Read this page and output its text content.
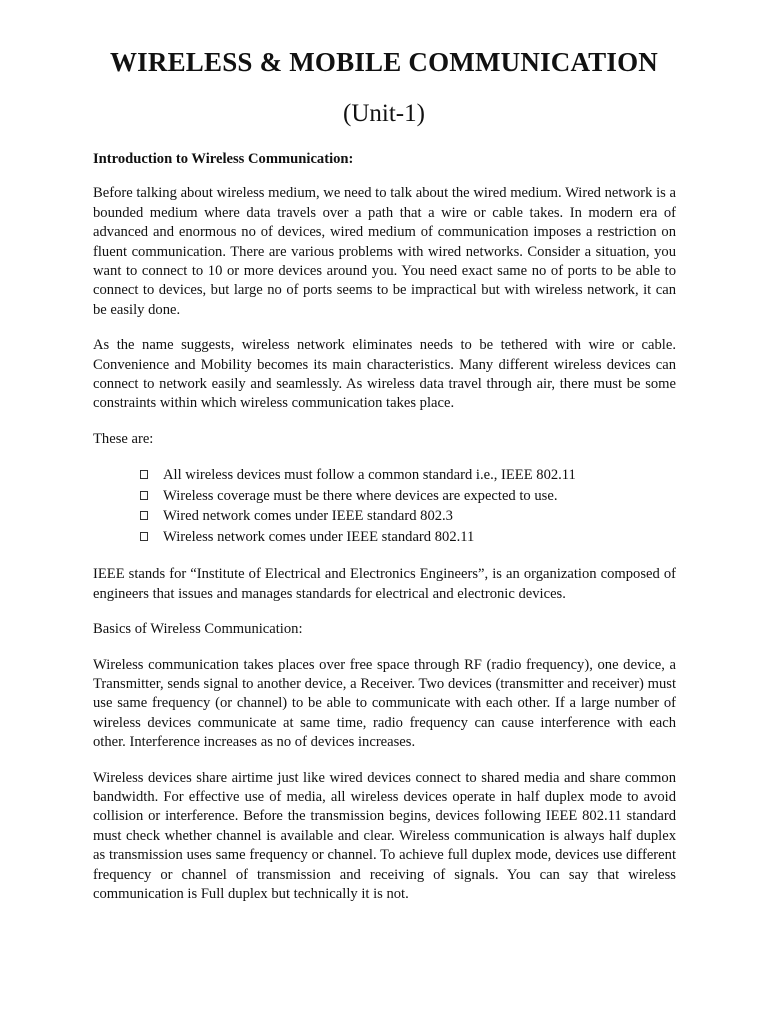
WIRELESS & MOBILE COMMUNICATION
(Unit-1)

Introduction to Wireless Communication:

Before talking about wireless medium, we need to talk about the wired medium. Wired network is a bounded medium where data travels over a path that a wire or cable takes. In modern era of advanced and enormous no of devices, wired medium of communication imposes a restriction on fluent communication. There are various problems with wired networks. Consider a situation, you want to connect to 10 or more devices around you. You need exact same no of ports to be able to connect to devices, but large no of ports seems to be impractical but with wireless network, it can be easily done.

As the name suggests, wireless network eliminates needs to be tethered with wire or cable. Convenience and Mobility becomes its main characteristics. Many different wireless devices can connect to network easily and seamlessly. As wireless data travel through air, there must be some constraints within which wireless communication takes place.

These are:

All wireless devices must follow a common standard i.e., IEEE 802.11
Wireless coverage must be there where devices are expected to use.
Wired network comes under IEEE standard 802.3
Wireless network comes under IEEE standard 802.11

IEEE stands for “Institute of Electrical and Electronics Engineers”, is an organization composed of engineers that issues and manages standards for electrical and electronic devices.

Basics of Wireless Communication:

Wireless communication takes places over free space through RF (radio frequency), one device, a Transmitter, sends signal to another device, a Receiver. Two devices (transmitter and receiver) must use same frequency (or channel) to be able to communicate with each other. If a large number of wireless devices communicate at same time, radio frequency can cause interference with each other. Interference increases as no of devices increases.

Wireless devices share airtime just like wired devices connect to shared media and share common bandwidth. For effective use of media, all wireless devices operate in half duplex mode to avoid collision or interference. Before the transmission begins, devices following IEEE 802.11 standard must check whether channel is available and clear. Wireless communication is always half duplex as transmission uses same frequency or channel. To achieve full duplex mode, devices use different frequency or channel of transmission and receiving of signals. You can say that wireless communication is Full duplex but technically it is not.
